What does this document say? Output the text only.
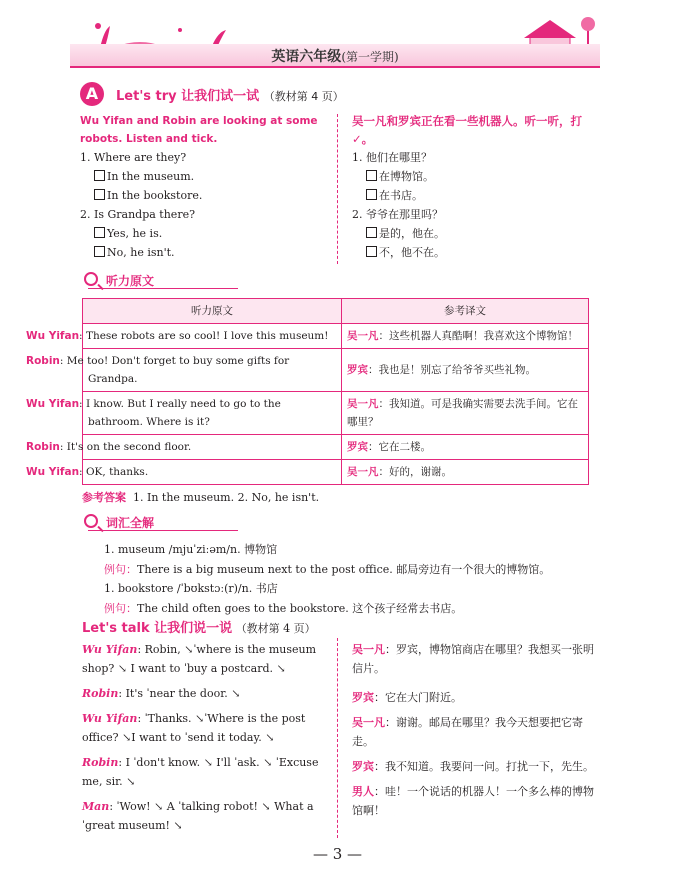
英语六年级(第一学期)
A	Let's try 让我们试一试 （教材第 4 页）
Wu Yifan and Robin are looking at some robots. Listen and tick.
1. Where are they?
In the museum.
In the bookstore.
2. Is Grandpa there?
Yes, he is.
No, he isn't.
吴一凡和罗宾正在看一些机器人。听一听，打✓。
1. 他们在哪里？
在博物馆。
在书店。
2. 爷爷在那里吗？
是的，他在。
不，他不在。
听力原文
听力原文	参考译文
Wu Yifan: These robots are so cool! I love this museum!	吴一凡：这些机器人真酷啊！我喜欢这个博物馆！
Robin: Me too! Don't forget to buy some gifts for Grandpa.	罗宾：我也是！别忘了给爷爷买些礼物。
Wu Yifan: I know. But I really need to go to the bathroom. Where is it?	吴一凡：我知道。可是我确实需要去洗手间。它在哪里？
Robin: It's on the second floor.	罗宾：它在二楼。
Wu Yifan: OK, thanks.	吴一凡：好的，谢谢。
参考答案 1. In the museum. 2. No, he isn't.
词汇全解
1. museum /mjuˈziːəm/n. 博物馆
例句：There is a big museum next to the post office. 邮局旁边有一个很大的博物馆。
1. bookstore /ˈbʊkstɔː(r)/n. 书店
例句：The child often goes to the bookstore. 这个孩子经常去书店。
Let's talk 让我们说一说 （教材第 4 页）

Wu Yifan: Robin, ↘ˈwhere is the museum shop? ↘ I want to ˈbuy a postcard. ↘

Robin: It's ˈnear the door. ↘

Wu Yifan: ˈThanks. ↘ˈWhere is the post office? ↘I want to ˈsend it today. ↘

Robin: I ˈdon't know. ↘ I'll ˈask. ↘ ˈExcuse me, sir. ↘

Man: ˈWow! ↘ A ˈtalking robot! ↘ What a ˈgreat museum! ↘

吴一凡：罗宾，博物馆商店在哪里？我想买一张明信片。

罗宾：它在大门附近。

吴一凡：谢谢。邮局在哪里？我今天想要把它寄走。

罗宾：我不知道。我要问一问。打扰一下，先生。

男人：哇！一个说话的机器人！一个多么棒的博物馆啊！

— 3 —
